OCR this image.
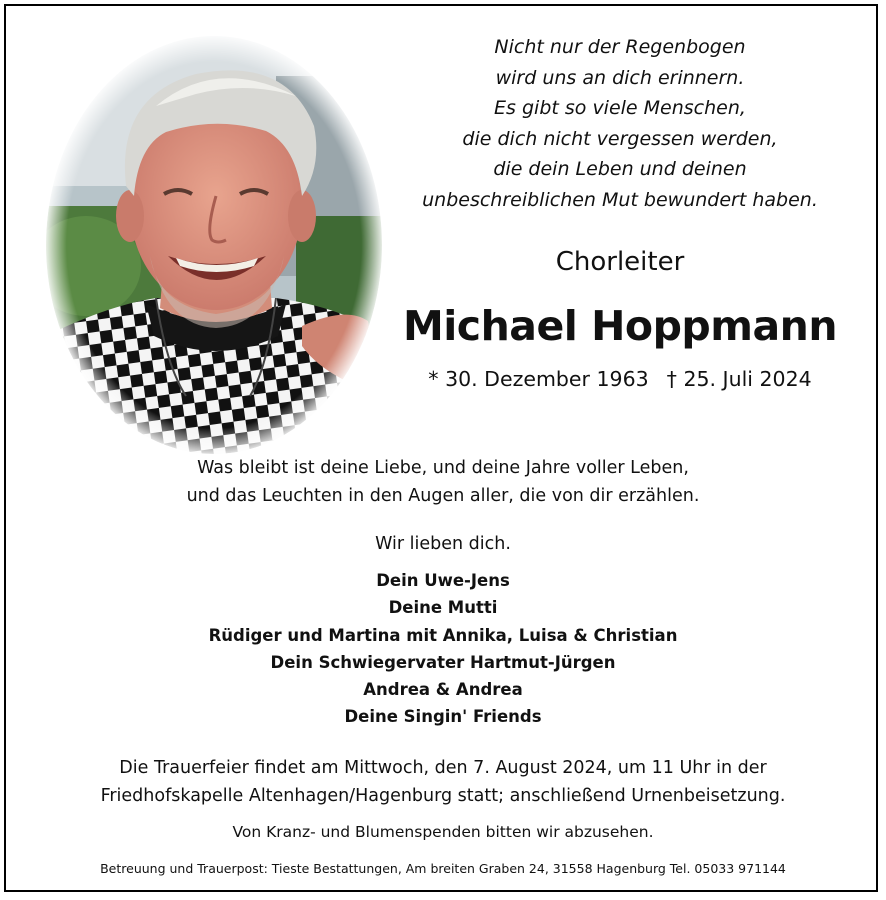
Nicht nur der Regenbogen
wird uns an dich erinnern.
Es gibt so viele Menschen,
die dich nicht vergessen werden,
die dein Leben und deinen
unbeschreiblichen Mut bewundert haben.
Chorleiter
Michael Hoppmann
* 30. Dezember 1963 † 25. Juli 2024
Was bleibt ist deine Liebe, und deine Jahre voller Leben,
und das Leuchten in den Augen aller, die von dir erzählen.
Wir lieben dich.
Dein Uwe-Jens
Deine Mutti
Rüdiger und Martina mit Annika, Luisa & Christian
Dein Schwiegervater Hartmut-Jürgen
Andrea & Andrea
Deine Singin' Friends
Die Trauerfeier findet am Mittwoch, den 7. August 2024, um 11 Uhr in der
Friedhofskapelle Altenhagen/Hagenburg statt; anschließend Urnenbeisetzung.
Von Kranz- und Blumenspenden bitten wir abzusehen.
Betreuung und Trauerpost: Tieste Bestattungen, Am breiten Graben 24, 31558 Hagenburg Tel. 05033 971144
